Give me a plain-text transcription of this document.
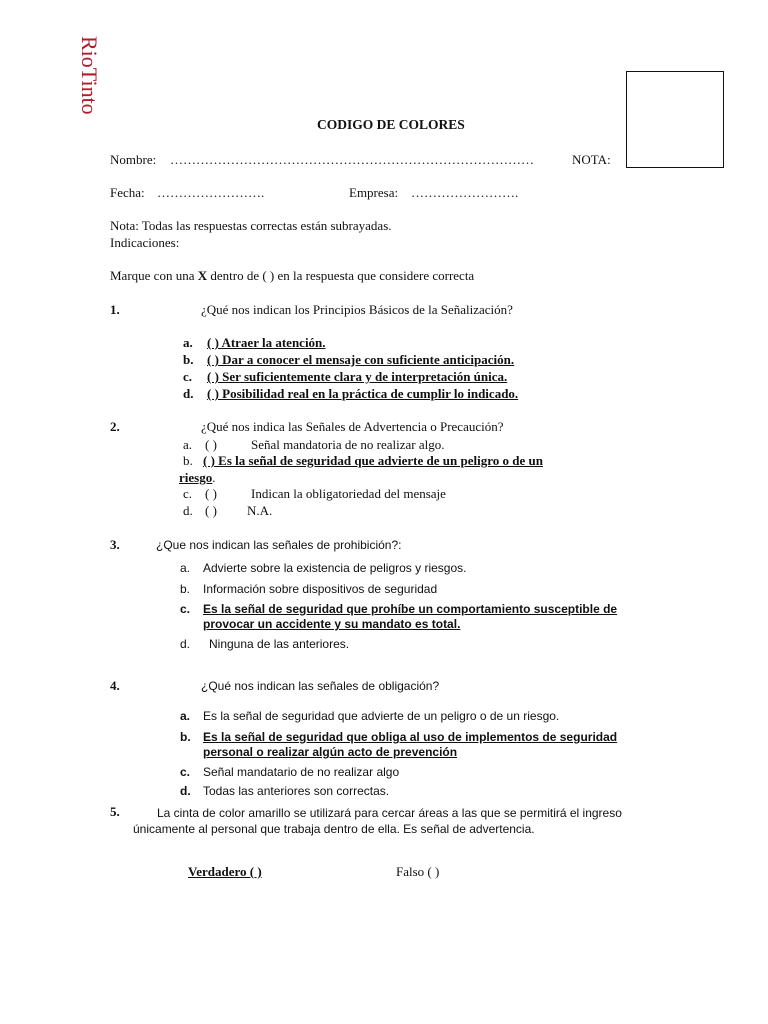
RioTinto
CODIGO DE COLORES
Nombre: …………………………………………………………………………	NOTA:
Fecha: …………………….	Empresa: …………………….
Nota: Todas las respuestas correctas están subrayadas.
Indicaciones:
Marque con una X dentro de ( ) en la respuesta que considere correcta
1.	¿Qué nos indican los Principios Básicos de la Señalización?
a. ( ) Atraer la atención.
b. ( ) Dar a conocer el mensaje con suficiente anticipación.
c. ( ) Ser suficientemente clara y de interpretación única.
d. ( ) Posibilidad real en la práctica de cumplir lo indicado.
2.	¿Qué nos indica las Señales de Advertencia o Precaución?
a. ( )	Señal mandatoria de no realizar algo.
b. ( ) Es la señal de seguridad que advierte de un peligro o de un
riesgo.
c. ( )	Indican la obligatoriedad del mensaje
d. ( ) N.A.
3.	¿Que nos indican las señales de prohibición?:
a. Advierte sobre la existencia de peligros y riesgos.
b. Información sobre dispositivos de seguridad
c. Es la señal de seguridad que prohíbe un comportamiento susceptible de
provocar un accidente y su mandato es total.
d. Ninguna de las anteriores.
4.	¿Qué nos indican las señales de obligación?
a. Es la señal de seguridad que advierte de un peligro o de un riesgo.
b. Es la señal de seguridad que obliga al uso de implementos de seguridad
personal o realizar algún acto de prevención
c. Señal mandatario de no realizar algo
d. Todas las anteriores son correctas.
5.	La cinta de color amarillo se utilizará para cercar áreas a las que se permitirá el ingreso únicamente al personal que trabaja dentro de ella. Es señal de advertencia.
Verdadero ( )	Falso ( )
